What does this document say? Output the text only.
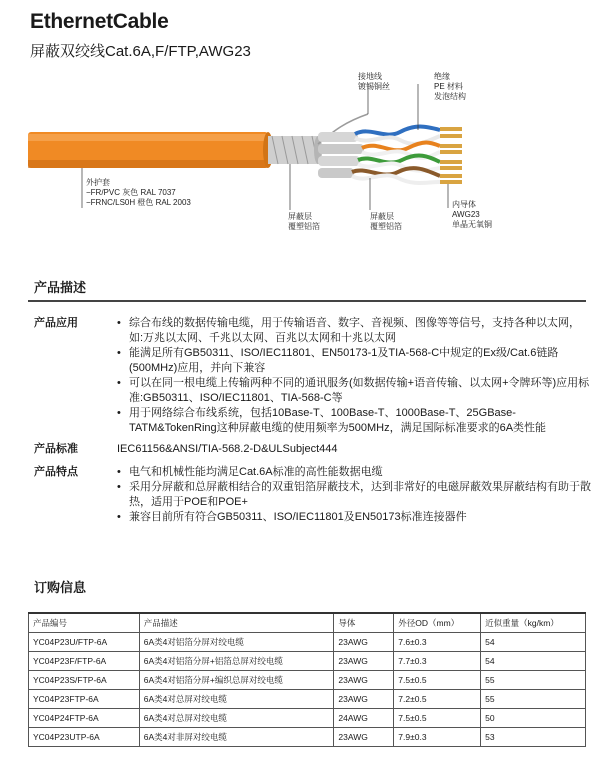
EthernetCable
屏蔽双绞线Cat.6A,F/FTP,AWG23
接地线
镀锡铜丝
绝缘
PE 材料
发泡结构
外护套
−FR/PVC 灰色 RAL 7037
−FRNC/LS0H 橙色 RAL 2003
屏蔽层
覆塑铝箔
屏蔽层
覆塑铝箔
内导体
AWG23
单晶无氧铜
产品描述
产品应用	• 综合布线的数据传输电缆，用于传输语音、数字、音视频、图像等等信号，支持各种以太网，如:万兆以太网、千兆以太网、百兆以太网和十兆以太网
• 能满足所有GB50311、ISO/IEC11801、EN50173-1及TIA-568-C中规定的Ex级/Cat.6链路(500MHz)应用，并向下兼容
• 可以在同一根电缆上传输两种不同的通讯服务(如数据传输+语音传输、以太网+令牌环等)应用标准:GB50311、ISO/IEC11801、TIA-568-C等
• 用于网络综合布线系统，包括10Base-T、100Base-T、1000Base-T、25GBase-TATM&TokenRing这种屏蔽电缆的使用频率为500MHz，满足国际标准要求的6A类性能
产品标准	IEC61156&ANSI/TIA-568.2-D&ULSubject444
产品特点	• 电气和机械性能均满足Cat.6A标准的高性能数据电缆
• 采用分屏蔽和总屏蔽相结合的双重铝箔屏蔽技术，达到非常好的电磁屏蔽效果屏蔽结构有助于散热，适用于POE和POE+
• 兼容目前所有符合GB50311、ISO/IEC11801及EN50173标准连接器件
订购信息
产品编号	产品描述	导体	外径OD（mm）	近似重量（kg/km）
YC04P23U/FTP-6A	6A类4对铝箔分屏对绞电缆	23AWG	7.6±0.3	54
YC04P23F/FTP-6A	6A类4对铝箔分屏+铝箔总屏对绞电缆	23AWG	7.7±0.3	54
YC04P23S/FTP-6A	6A类4对铝箔分屏+编织总屏对绞电缆	23AWG	7.5±0.5	55
YC04P23FTP-6A	6A类4对总屏对绞电缆	23AWG	7.2±0.5	55
YC04P24FTP-6A	6A类4对总屏对绞电缆	24AWG	7.5±0.5	50
YC04P23UTP-6A	6A类4对非屏对绞电缆	23AWG	7.9±0.3	53
